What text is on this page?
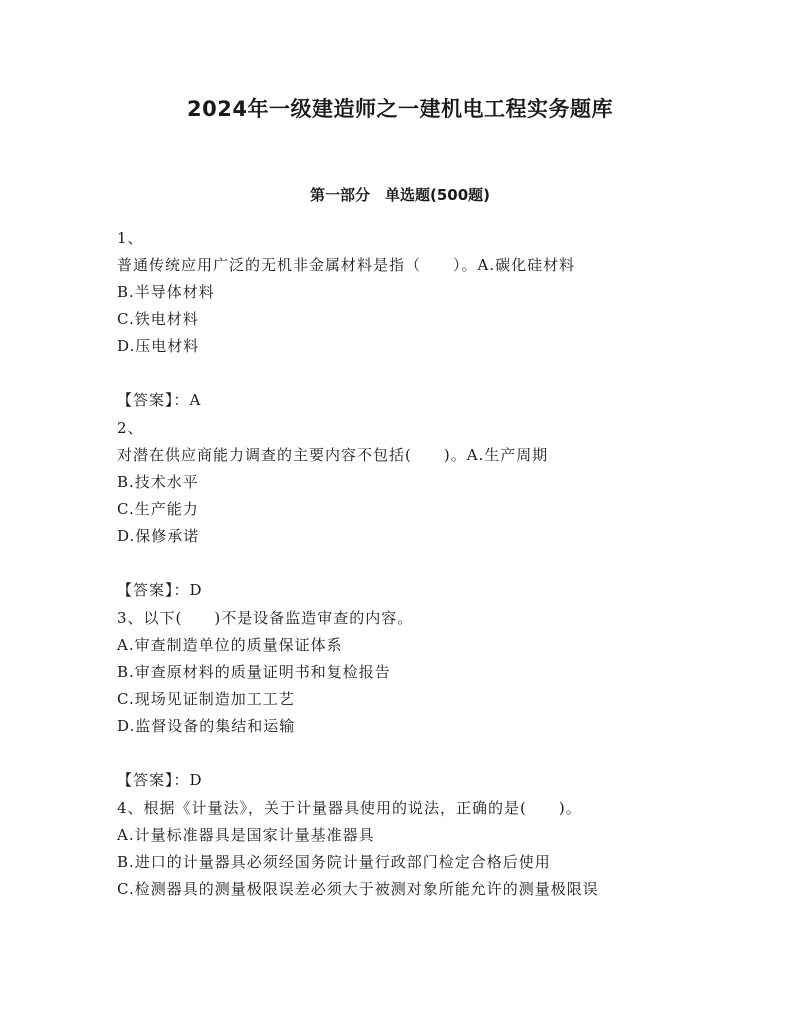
2024年一级建造师之一建机电工程实务题库
第一部分　单选题(500题)
1、
普通传统应用广泛的无机非金属材料是指（　　）。A.碳化硅材料
B.半导体材料
C.铁电材料
D.压电材料
【答案】：A
2、
对潜在供应商能力调查的主要内容不包括(　　)。A.生产周期
B.技术水平
C.生产能力
D.保修承诺
【答案】：D
3、以下(　　)不是设备监造审查的内容。
A.审查制造单位的质量保证体系
B.审查原材料的质量证明书和复检报告
C.现场见证制造加工工艺
D.监督设备的集结和运输
【答案】：D
4、根据《计量法》，关于计量器具使用的说法，正确的是(　　)。
A.计量标准器具是国家计量基准器具
B.进口的计量器具必须经国务院计量行政部门检定合格后使用
C.检测器具的测量极限误差必须大于被测对象所能允许的测量极限误
